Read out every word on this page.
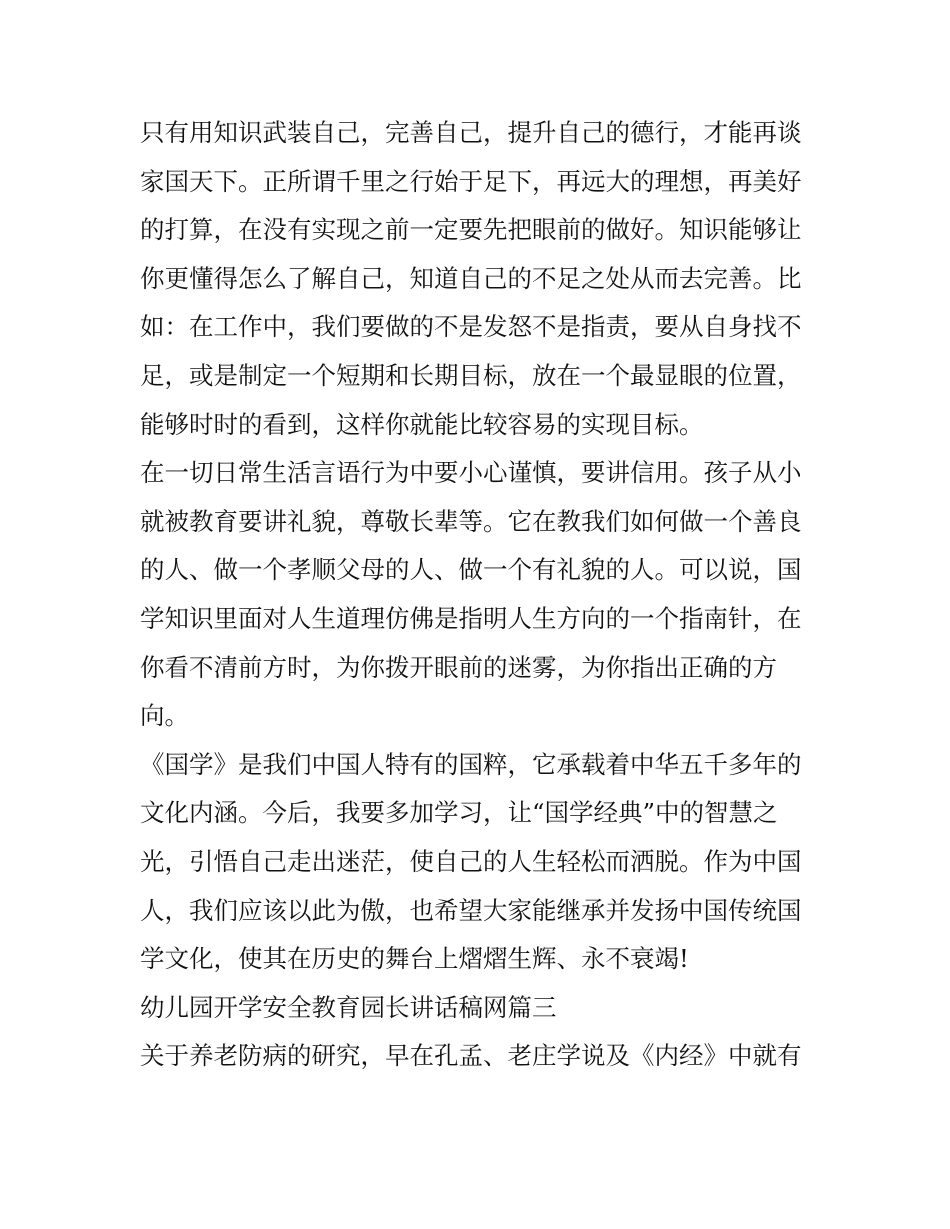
只有用知识武装自己，完善自己，提升自己的德行，才能再谈
家国天下。正所谓千里之行始于足下，再远大的理想，再美好
的打算，在没有实现之前一定要先把眼前的做好。知识能够让
你更懂得怎么了解自己，知道自己的不足之处从而去完善。比
如：在工作中，我们要做的不是发怒不是指责，要从自身找不
足，或是制定一个短期和长期目标，放在一个最显眼的位置，
能够时时的看到，这样你就能比较容易的实现目标。
在一切日常生活言语行为中要小心谨慎，要讲信用。孩子从小
就被教育要讲礼貌，尊敬长辈等。它在教我们如何做一个善良
的人、做一个孝顺父母的人、做一个有礼貌的人。可以说，国
学知识里面对人生道理仿佛是指明人生方向的一个指南针，在
你看不清前方时，为你拨开眼前的迷雾，为你指出正确的方
向。
《国学》是我们中国人特有的国粹，它承载着中华五千多年的
文化内涵。今后，我要多加学习，让“国学经典”中的智慧之
光，引悟自己走出迷茫，使自己的人生轻松而洒脱。作为中国
人，我们应该以此为傲，也希望大家能继承并发扬中国传统国
学文化，使其在历史的舞台上熠熠生辉、永不衰竭!
幼儿园开学安全教育园长讲话稿网篇三
关于养老防病的研究，早在孔孟、老庄学说及《内经》中就有
